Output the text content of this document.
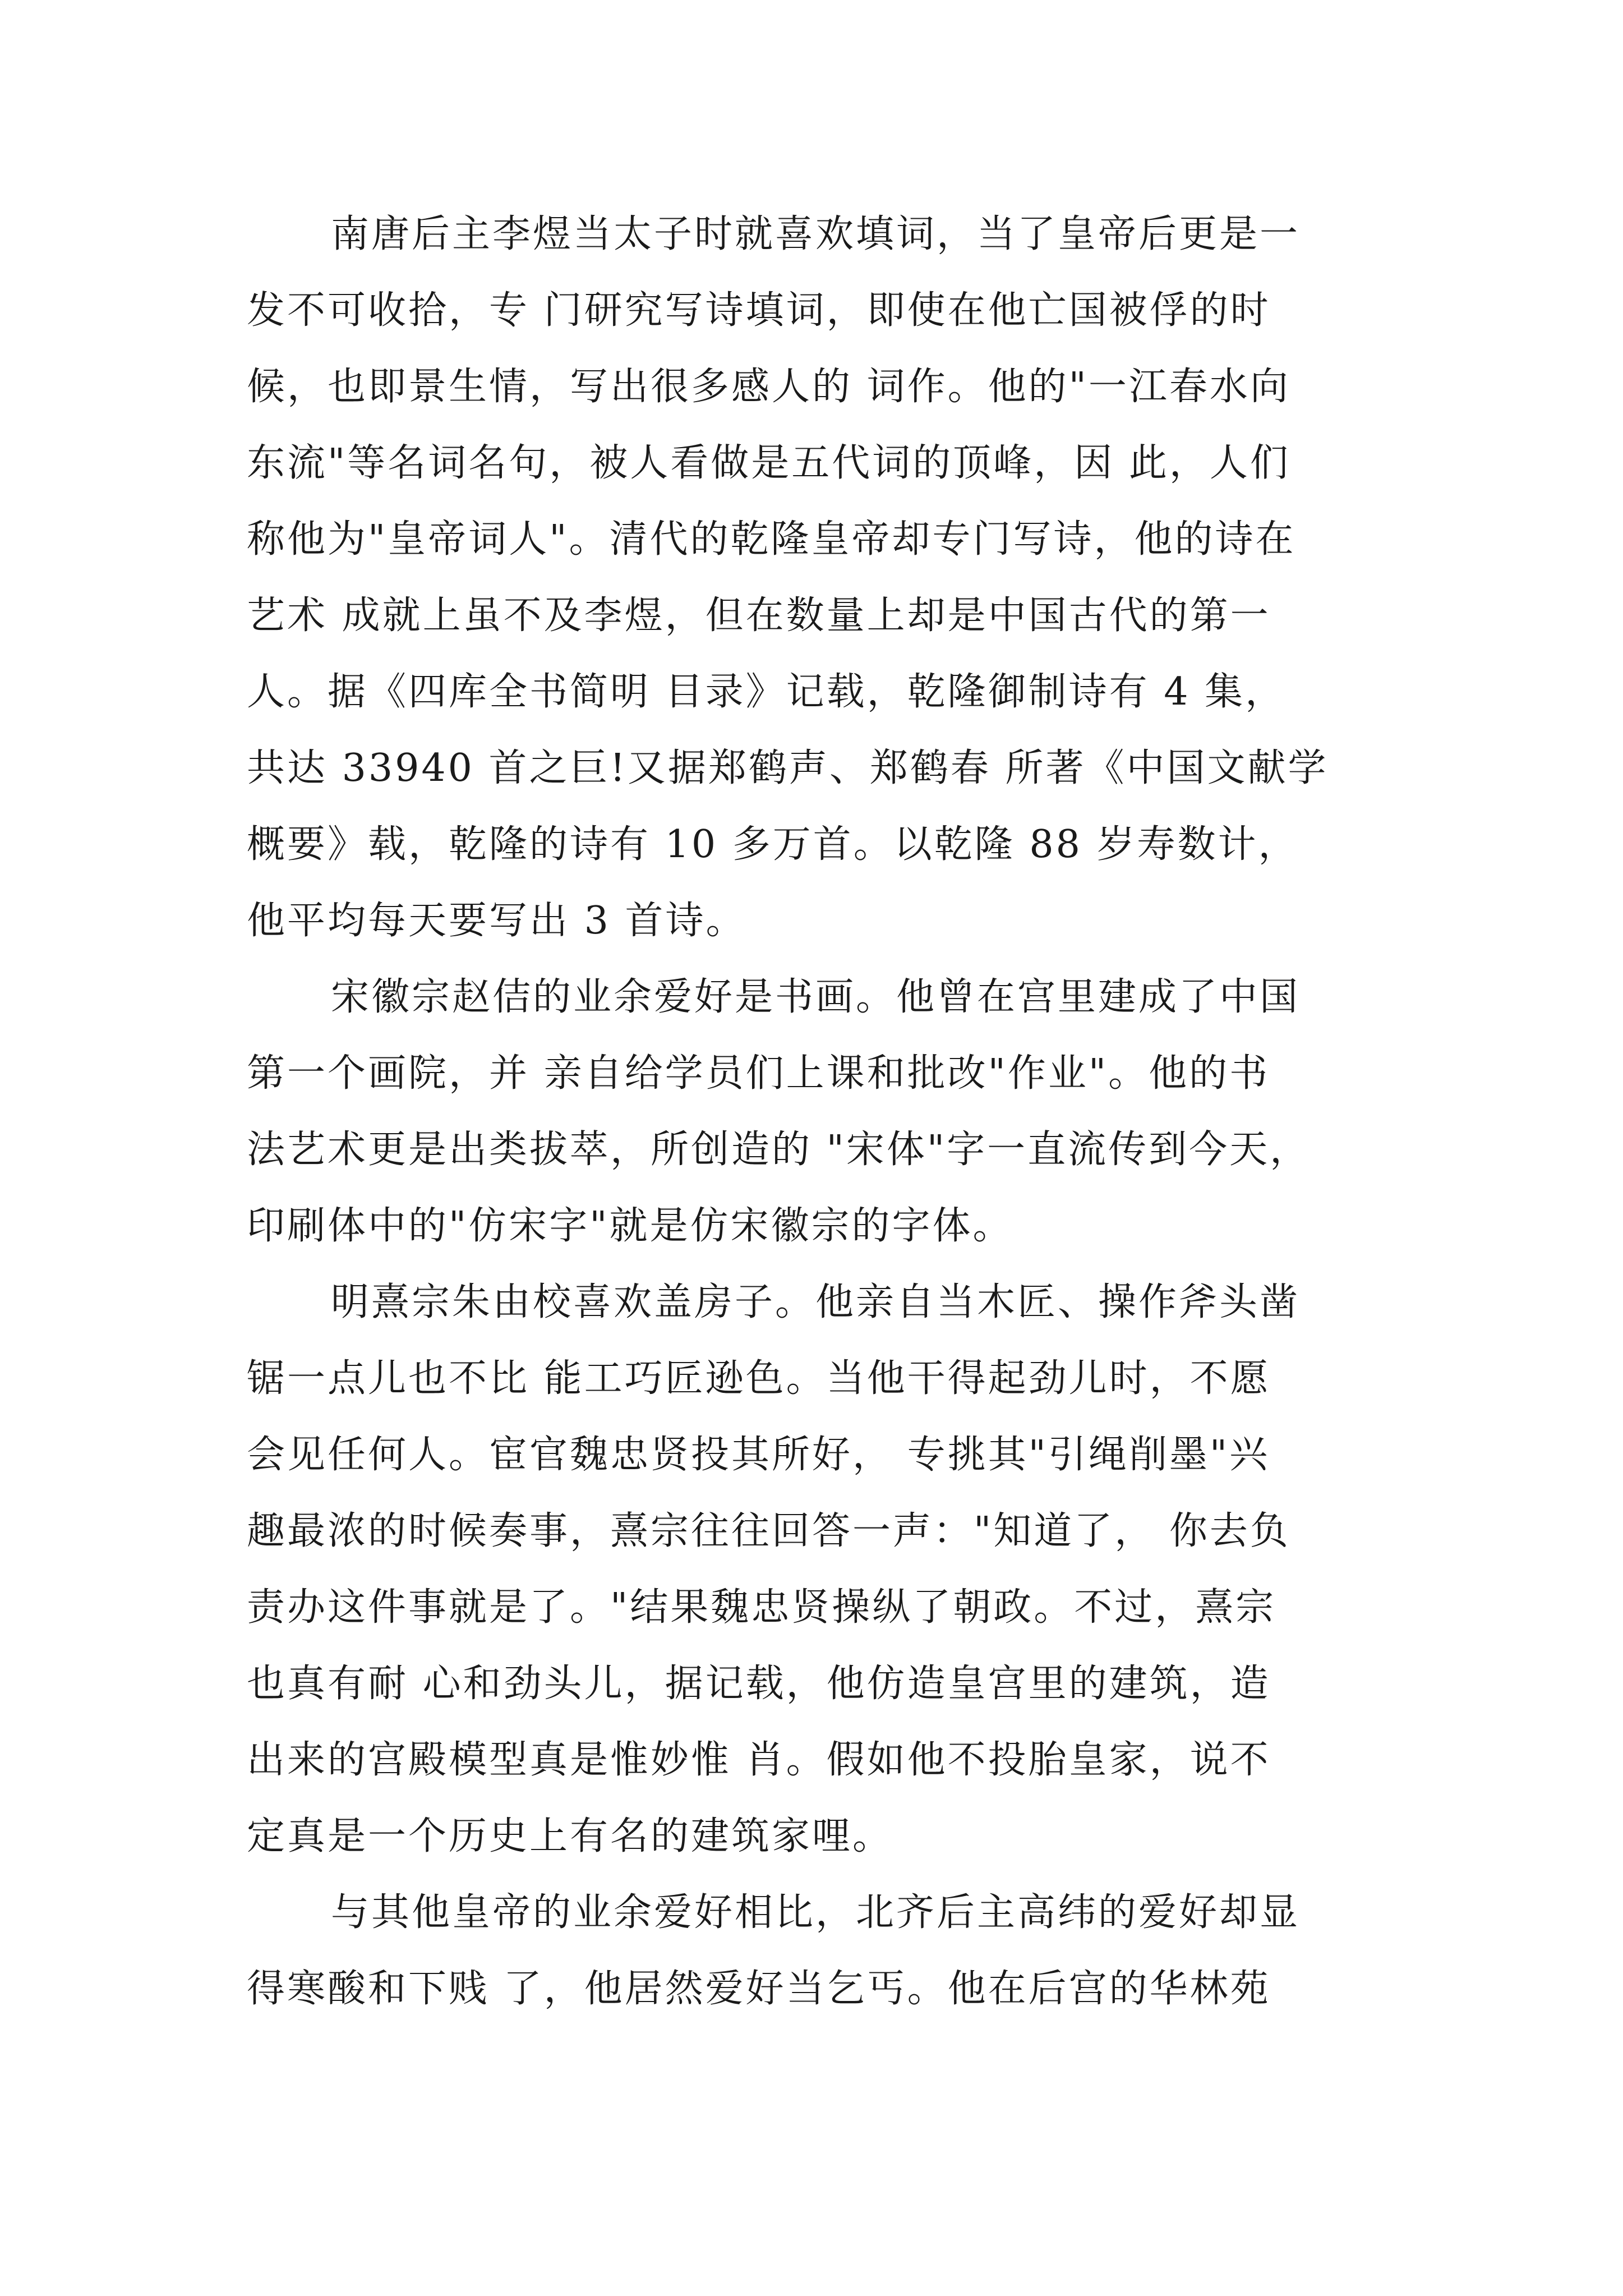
南唐后主李煜当太子时就喜欢填词，当了皇帝后更是一
发不可收拾，专 门研究写诗填词，即使在他亡国被俘的时
候，也即景生情，写出很多感人的 词作。他的"一江春水向
东流"等名词名句，被人看做是五代词的顶峰，因 此，人们
称他为"皇帝词人"。清代的乾隆皇帝却专门写诗，他的诗在
艺术 成就上虽不及李煜，但在数量上却是中国古代的第一
人。据《四库全书简明 目录》记载，乾隆御制诗有 4 集，
共达 33940 首之巨!又据郑鹤声、郑鹤春 所著《中国文献学
概要》载，乾隆的诗有 10 多万首。以乾隆 88 岁寿数计，
他平均每天要写出 3 首诗。
宋徽宗赵佶的业余爱好是书画。他曾在宫里建成了中国
第一个画院，并 亲自给学员们上课和批改"作业"。他的书
法艺术更是出类拔萃，所创造的 "宋体"字一直流传到今天，
印刷体中的"仿宋字"就是仿宋徽宗的字体。
明熹宗朱由校喜欢盖房子。他亲自当木匠、操作斧头凿
锯一点儿也不比 能工巧匠逊色。当他干得起劲儿时，不愿
会见任何人。宦官魏忠贤投其所好， 专挑其"引绳削墨"兴
趣最浓的时候奏事，熹宗往往回答一声："知道了， 你去负
责办这件事就是了。"结果魏忠贤操纵了朝政。不过，熹宗
也真有耐 心和劲头儿，据记载，他仿造皇宫里的建筑，造
出来的宫殿模型真是惟妙惟 肖。假如他不投胎皇家，说不
定真是一个历史上有名的建筑家哩。
与其他皇帝的业余爱好相比，北齐后主高纬的爱好却显
得寒酸和下贱 了，他居然爱好当乞丐。他在后宫的华林苑
